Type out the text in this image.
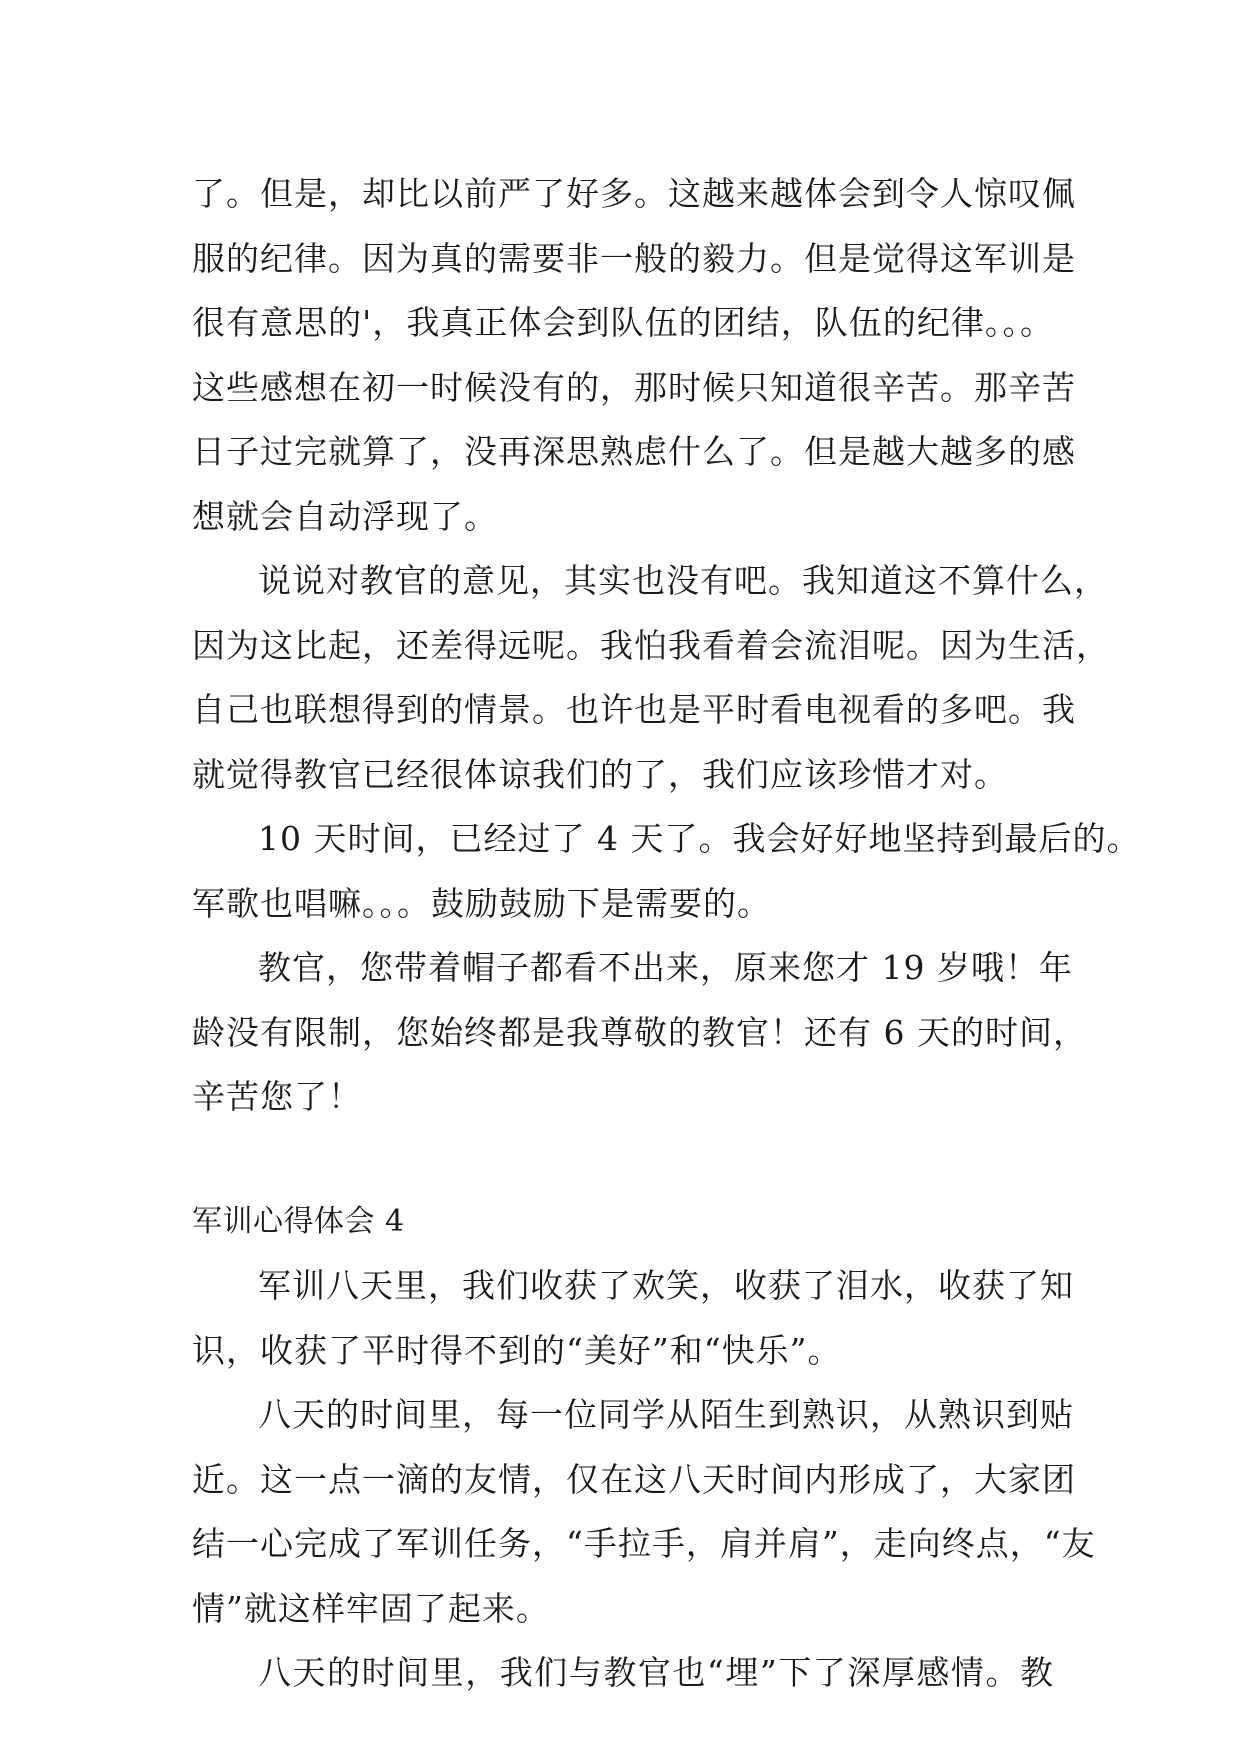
了。但是，却比以前严了好多。这越来越体会到令人惊叹佩
服的纪律。因为真的需要非一般的毅力。但是觉得这军训是
很有意思的'，我真正体会到队伍的团结，队伍的纪律。。。
这些感想在初一时候没有的，那时候只知道很辛苦。那辛苦
日子过完就算了，没再深思熟虑什么了。但是越大越多的感
想就会自动浮现了。
说说对教官的意见，其实也没有吧。我知道这不算什么，
因为这比起，还差得远呢。我怕我看着会流泪呢。因为生活，
自己也联想得到的情景。也许也是平时看电视看的多吧。我
就觉得教官已经很体谅我们的了，我们应该珍惜才对。
10 天时间，已经过了 4 天了。我会好好地坚持到最后的。
军歌也唱嘛。。。鼓励鼓励下是需要的。
教官，您带着帽子都看不出来，原来您才 19 岁哦！年
龄没有限制，您始终都是我尊敬的教官！还有 6 天的时间，
辛苦您了！
军训心得体会 4
军训八天里，我们收获了欢笑，收获了泪水，收获了知
识，收获了平时得不到的“美好”和“快乐”。
八天的时间里，每一位同学从陌生到熟识，从熟识到贴
近。这一点一滴的友情，仅在这八天时间内形成了，大家团
结一心完成了军训任务，“手拉手，肩并肩”，走向终点，“友
情”就这样牢固了起来。
八天的时间里，我们与教官也“埋”下了深厚感情。教
